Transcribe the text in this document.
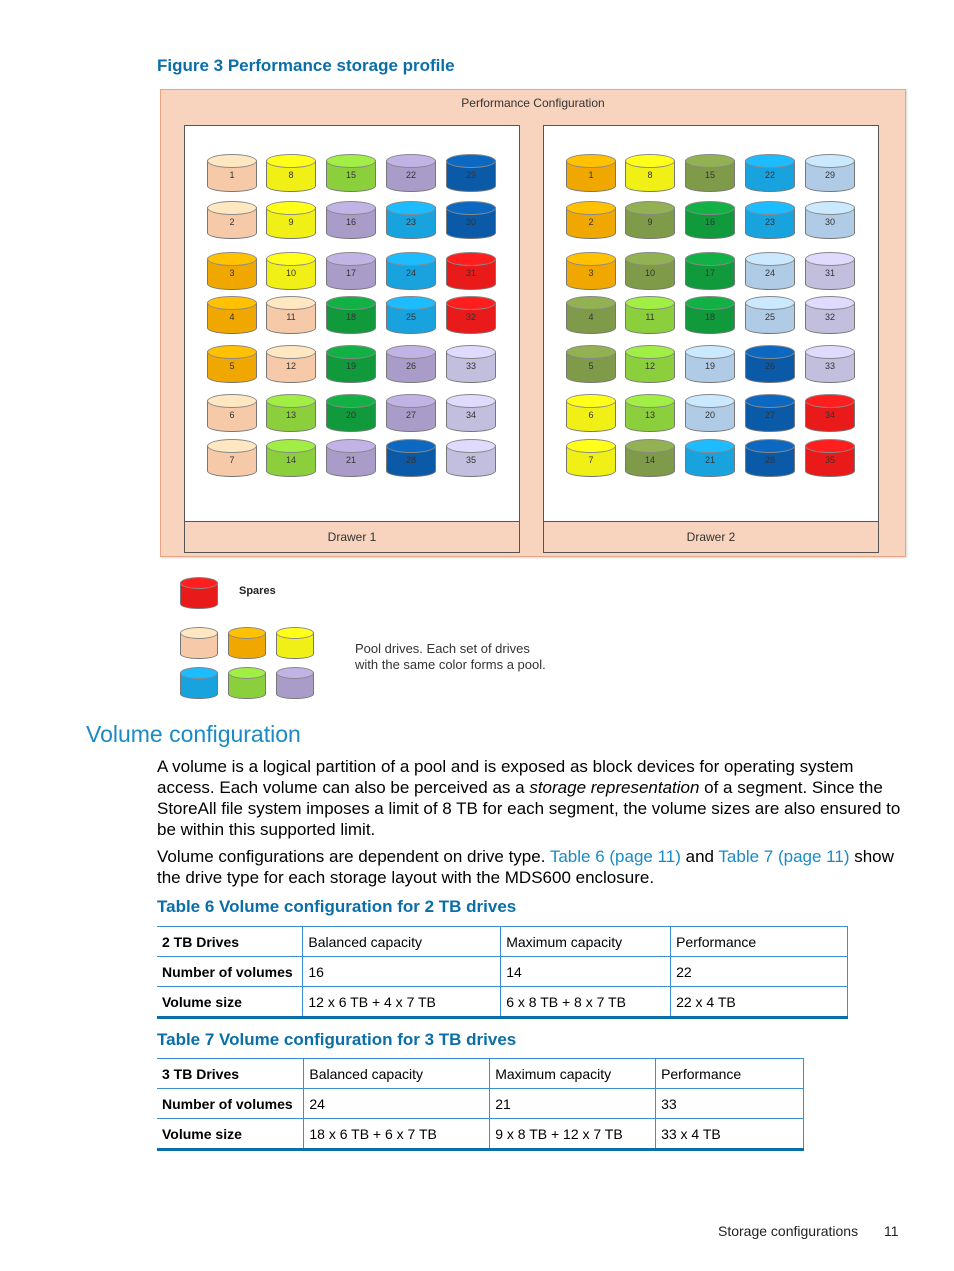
Figure 3 Performance storage profile
Performance Configuration
Drawer 1
1
2
3
4
5
6
7
8
9
10
11
12
13
14
15
16
17
18
19
20
21
22
23
24
25
26
27
28
29
30
31
32
33
34
35
Drawer 2
1
2
3
4
5
6
7
8
9
10
11
12
13
14
15
16
17
18
19
20
21
22
23
24
25
26
27
28
29
30
31
32
33
34
35
Spares
Pool drives. Each set of drives with the same color forms a pool.
Volume configuration
A volume is a logical partition of a pool and is exposed as block devices for operating system access. Each volume can also be perceived as a storage representation of a segment. Since the StoreAll file system imposes a limit of 8 TB for each segment, the volume sizes are also ensured to be within this supported limit.
Volume configurations are dependent on drive type. Table 6 (page 11) and Table 7 (page 11) show the drive type for each storage layout with the MDS600 enclosure.
Table 6 Volume configuration for 2 TB drives
2 TB Drives	Balanced capacity	Maximum capacity	Performance
Number of volumes	16	14	22
Volume size	12 x 6 TB + 4 x 7 TB	6 x 8 TB + 8 x 7 TB	22 x 4 TB
Table 7 Volume configuration for 3 TB drives
3 TB Drives	Balanced capacity	Maximum capacity	Performance
Number of volumes	24	21	33
Volume size	18 x 6 TB + 6 x 7 TB	9 x 8 TB + 12 x 7 TB	33 x 4 TB
Storage configurations 11
